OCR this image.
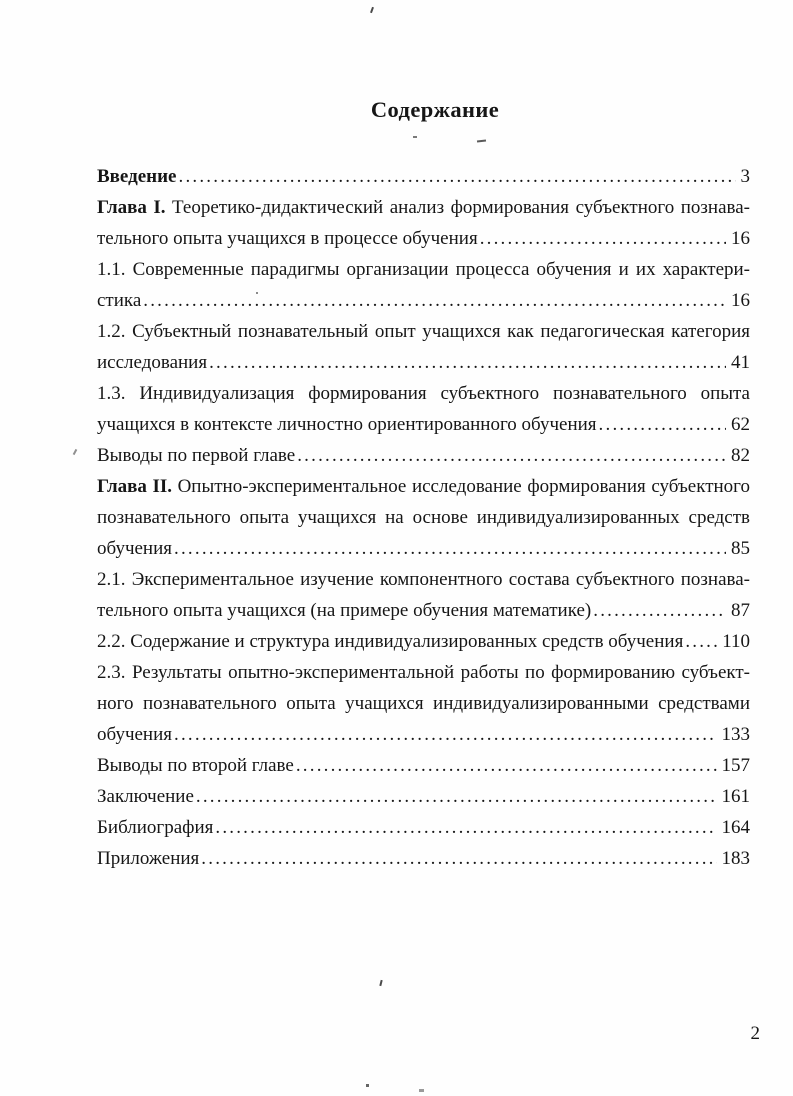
Содержание
Введение .....	3
Глава I. Теоретико-дидактический анализ формирования субъектного познава-
тельного опыта учащихся в процессе обучения .....	16
1.1. Современные парадигмы организации процесса обучения и их характери-
стика .....	16
1.2. Субъектный познавательный опыт учащихся как педагогическая категория
исследования .....	41
1.3. Индивидуализация формирования субъектного познавательного опыта
учащихся в контексте личностно ориентированного обучения .....	62
Выводы по первой главе .....	82
Глава II. Опытно-экспериментальное исследование формирования субъектного
познавательного опыта учащихся на основе индивидуализированных средств
обучения .....	85
2.1. Экспериментальное изучение компонентного состава субъектного познава-
тельного опыта учащихся (на примере обучения математике) .....	87
2.2. Содержание и структура индивидуализированных средств обучения ..... 110
2.3. Результаты опытно-экспериментальной работы по формированию субъект-
ного познавательного опыта учащихся индивидуализированными средствами
обучения .....	133
Выводы по второй главе .....	157
Заключение .....	161
Библиография .....	164
Приложения .....	183
2
